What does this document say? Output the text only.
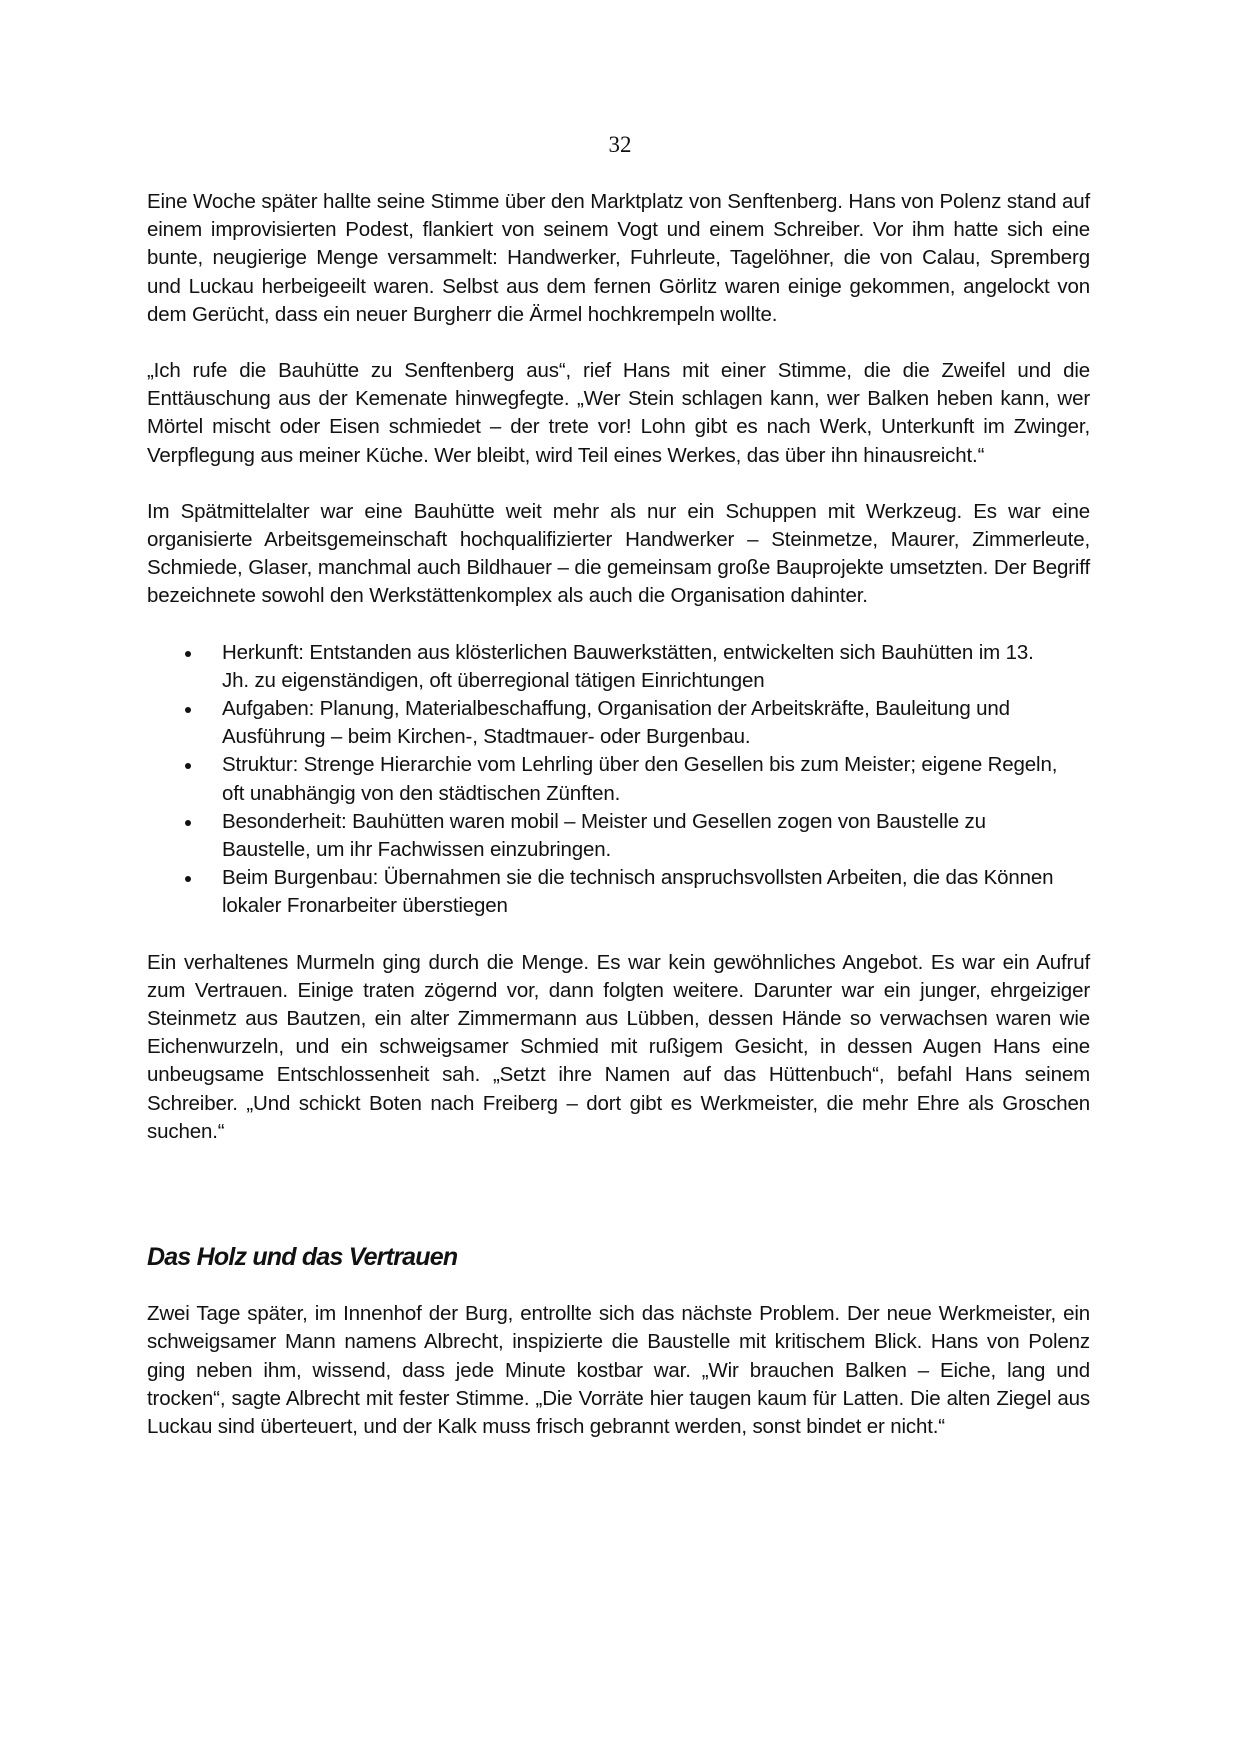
32

Eine Woche später hallte seine Stimme über den Marktplatz von Senftenberg. Hans von Polenz stand auf einem improvisierten Podest, flankiert von seinem Vogt und einem Schreiber. Vor ihm hatte sich eine bunte, neugierige Menge versammelt: Handwerker, Fuhrleute, Tagelöhner, die von Calau, Spremberg und Luckau herbeigeeilt waren. Selbst aus dem fernen Görlitz waren einige gekommen, angelockt von dem Gerücht, dass ein neuer Burgherr die Ärmel hochkrempeln wollte.

„Ich rufe die Bauhütte zu Senftenberg aus“, rief Hans mit einer Stimme, die die Zweifel und die Enttäuschung aus der Kemenate hinwegfegte. „Wer Stein schlagen kann, wer Balken heben kann, wer Mörtel mischt oder Eisen schmiedet – der trete vor! Lohn gibt es nach Werk, Unterkunft im Zwinger, Verpflegung aus meiner Küche. Wer bleibt, wird Teil eines Werkes, das über ihn hinausreicht.“

Im Spätmittelalter war eine Bauhütte weit mehr als nur ein Schuppen mit Werkzeug. Es war eine organisierte Arbeitsgemeinschaft hochqualifizierter Handwerker – Steinmetze, Maurer, Zimmerleute, Schmiede, Glaser, manchmal auch Bildhauer – die gemeinsam große Bauprojekte umsetzten. Der Begriff bezeichnete sowohl den Werkstättenkomplex als auch die Organisation dahinter.

Herkunft: Entstanden aus klösterlichen Bauwerkstätten, entwickelten sich Bauhütten im 13. Jh. zu eigenständigen, oft überregional tätigen Einrichtungen
Aufgaben: Planung, Materialbeschaffung, Organisation der Arbeitskräfte, Bauleitung und Ausführung – beim Kirchen-, Stadtmauer- oder Burgenbau.
Struktur: Strenge Hierarchie vom Lehrling über den Gesellen bis zum Meister; eigene Regeln, oft unabhängig von den städtischen Zünften.
Besonderheit: Bauhütten waren mobil – Meister und Gesellen zogen von Baustelle zu Baustelle, um ihr Fachwissen einzubringen.
Beim Burgenbau: Übernahmen sie die technisch anspruchsvollsten Arbeiten, die das Können lokaler Fronarbeiter überstiegen

Ein verhaltenes Murmeln ging durch die Menge. Es war kein gewöhnliches Angebot. Es war ein Aufruf zum Vertrauen. Einige traten zögernd vor, dann folgten weitere. Darunter war ein junger, ehrgeiziger Steinmetz aus Bautzen, ein alter Zimmermann aus Lübben, dessen Hände so verwachsen waren wie Eichenwurzeln, und ein schweigsamer Schmied mit rußigem Gesicht, in dessen Augen Hans eine unbeugsame Entschlossenheit sah. „Setzt ihre Namen auf das Hüttenbuch“, befahl Hans seinem Schreiber. „Und schickt Boten nach Freiberg – dort gibt es Werkmeister, die mehr Ehre als Groschen suchen.“

Das Holz und das Vertrauen

Zwei Tage später, im Innenhof der Burg, entrollte sich das nächste Problem. Der neue Werkmeister, ein schweigsamer Mann namens Albrecht, inspizierte die Baustelle mit kritischem Blick. Hans von Polenz ging neben ihm, wissend, dass jede Minute kostbar war. „Wir brauchen Balken – Eiche, lang und trocken“, sagte Albrecht mit fester Stimme. „Die Vorräte hier taugen kaum für Latten. Die alten Ziegel aus Luckau sind überteuert, und der Kalk muss frisch gebrannt werden, sonst bindet er nicht.“
